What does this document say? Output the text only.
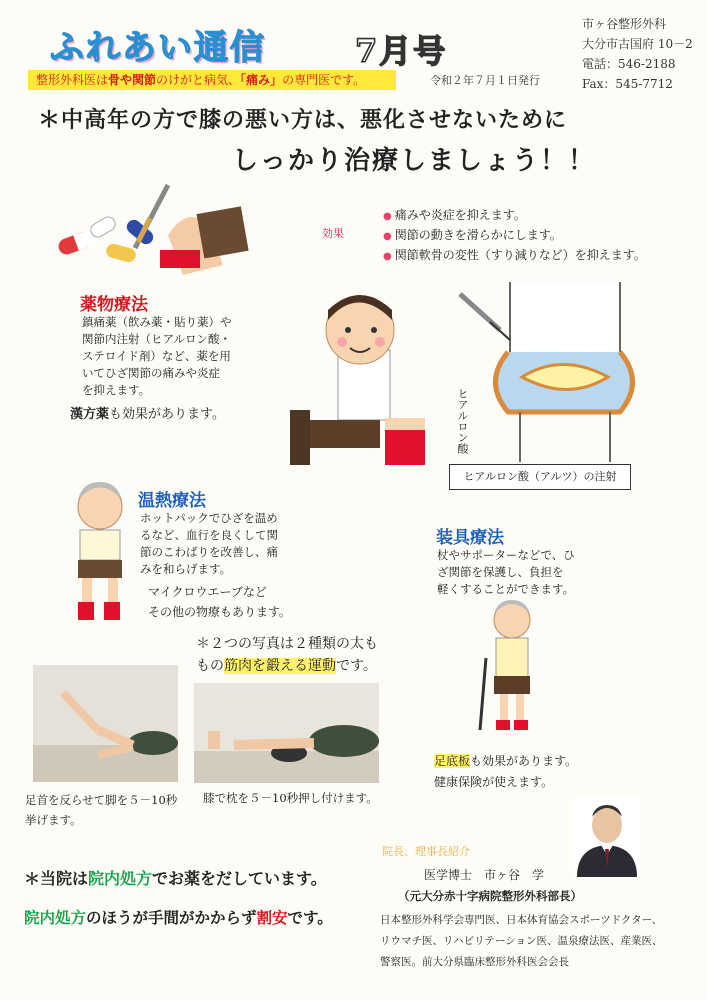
ふれあい通信	7月号
市ヶ谷整形外科
大分市古国府 10－2
電話：546-2188
Fax：545-7712
整形外科医は骨や関節のけがと病気、「痛み」の専門医です。	令和２年７月１日発行
＊中高年の方で膝の悪い方は、悪化させないために
しっかり治療しましょう！！
効果
● 痛みや炎症を抑えます。
● 関節の動きを滑らかにします。
● 関節軟骨の変性（すり減りなど）を抑えます。
薬物療法
鎮痛薬（飲み薬・貼り薬）や
関節内注射（ヒアルロン酸・
ステロイド剤）など、薬を用
いてひざ関節の痛みや炎症
を抑えます。
漢方薬も効果があります。	ヒアルロン酸
ヒアルロン酸（アルツ）の注射
温熱療法
ホットパックでひざを温め
るなど、血行を良くして関
節のこわばりを改善し、痛
みを和らげます。
マイクロウエーブなど
その他の物療もあります。
装具療法
杖やサポーターなどで、ひ
ざ関節を保護し、負担を
軽くすることができます。
足底板も効果があります。
健康保険が使えます。
＊２つの写真は２種類の太も
もの筋肉を鍛える運動です。
足首を反らせて脚を５－10秒
挙げます。
膝で枕を５－10秒押し付けます。
＊当院は院内処方でお薬をだしています。
院内処方のほうが手間がかからず割安です。
院長、理事長紹介
医学博士　市ヶ谷　学
（元大分赤十字病院整形外科部長）
日本整形外科学会専門医、日本体育協会スポーツドクター、
リウマチ医、リハビリテーション医、温泉療法医、産業医、
警察医。前大分県臨床整形外科医会会長
